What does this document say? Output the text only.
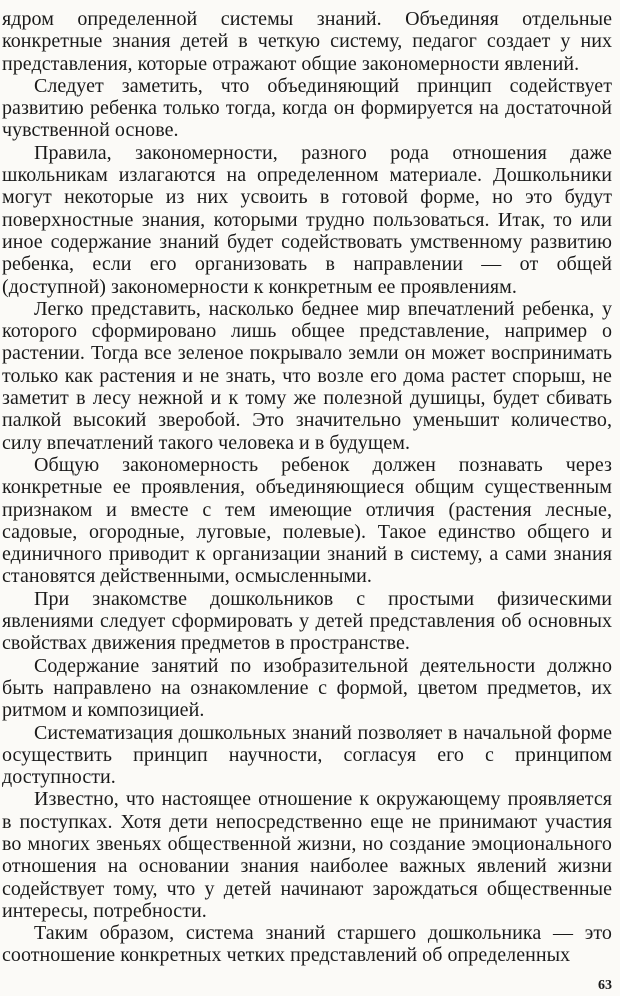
ядром определенной системы знаний. Объединяя отдельные конкретные знания детей в четкую систему, педагог создает у них представления, которые отражают общие закономерности явлений.

Следует заметить, что объединяющий принцип содействует развитию ребенка только тогда, когда он формируется на достаточной чувственной основе.

Правила, закономерности, разного рода отношения даже школьникам излагаются на определенном материале. Дошкольники могут некоторые из них усвоить в готовой форме, но это будут поверхностные знания, которыми трудно пользоваться. Итак, то или иное содержание знаний будет содействовать умственному развитию ребенка, если его организовать в направлении — от общей (доступной) закономерности к конкретным ее проявлениям.

Легко представить, насколько беднее мир впечатлений ребенка, у которого сформировано лишь общее представление, например о растении. Тогда все зеленое покрывало земли он может воспринимать только как растения и не знать, что возле его дома растет спорыш, не заметит в лесу нежной и к тому же полезной душицы, будет сбивать палкой высокий зверобой. Это значительно уменьшит количество, силу впечатлений такого человека и в будущем.

Общую закономерность ребенок должен познавать через конкретные ее проявления, объединяющиеся общим существенным признаком и вместе с тем имеющие отличия (растения лесные, садовые, огородные, луговые, полевые). Такое единство общего и единичного приводит к организации знаний в систему, а сами знания становятся действенными, осмысленными.

При знакомстве дошкольников с простыми физическими явлениями следует сформировать у детей представления об основных свойствах движения предметов в пространстве.

Содержание занятий по изобразительной деятельности должно быть направлено на ознакомление с формой, цветом предметов, их ритмом и композицией.

Систематизация дошкольных знаний позволяет в начальной форме осуществить принцип научности, согласуя его с принципом доступности.

Известно, что настоящее отношение к окружающему проявляется в поступках. Хотя дети непосредственно еще не принимают участия во многих звеньях общественной жизни, но создание эмоционального отношения на основании знания наиболее важных явлений жизни содействует тому, что у детей начинают зарождаться общественные интересы, потребности.

Таким образом, система знаний старшего дошкольника — это соотношение конкретных четких представлений об определенных

63
